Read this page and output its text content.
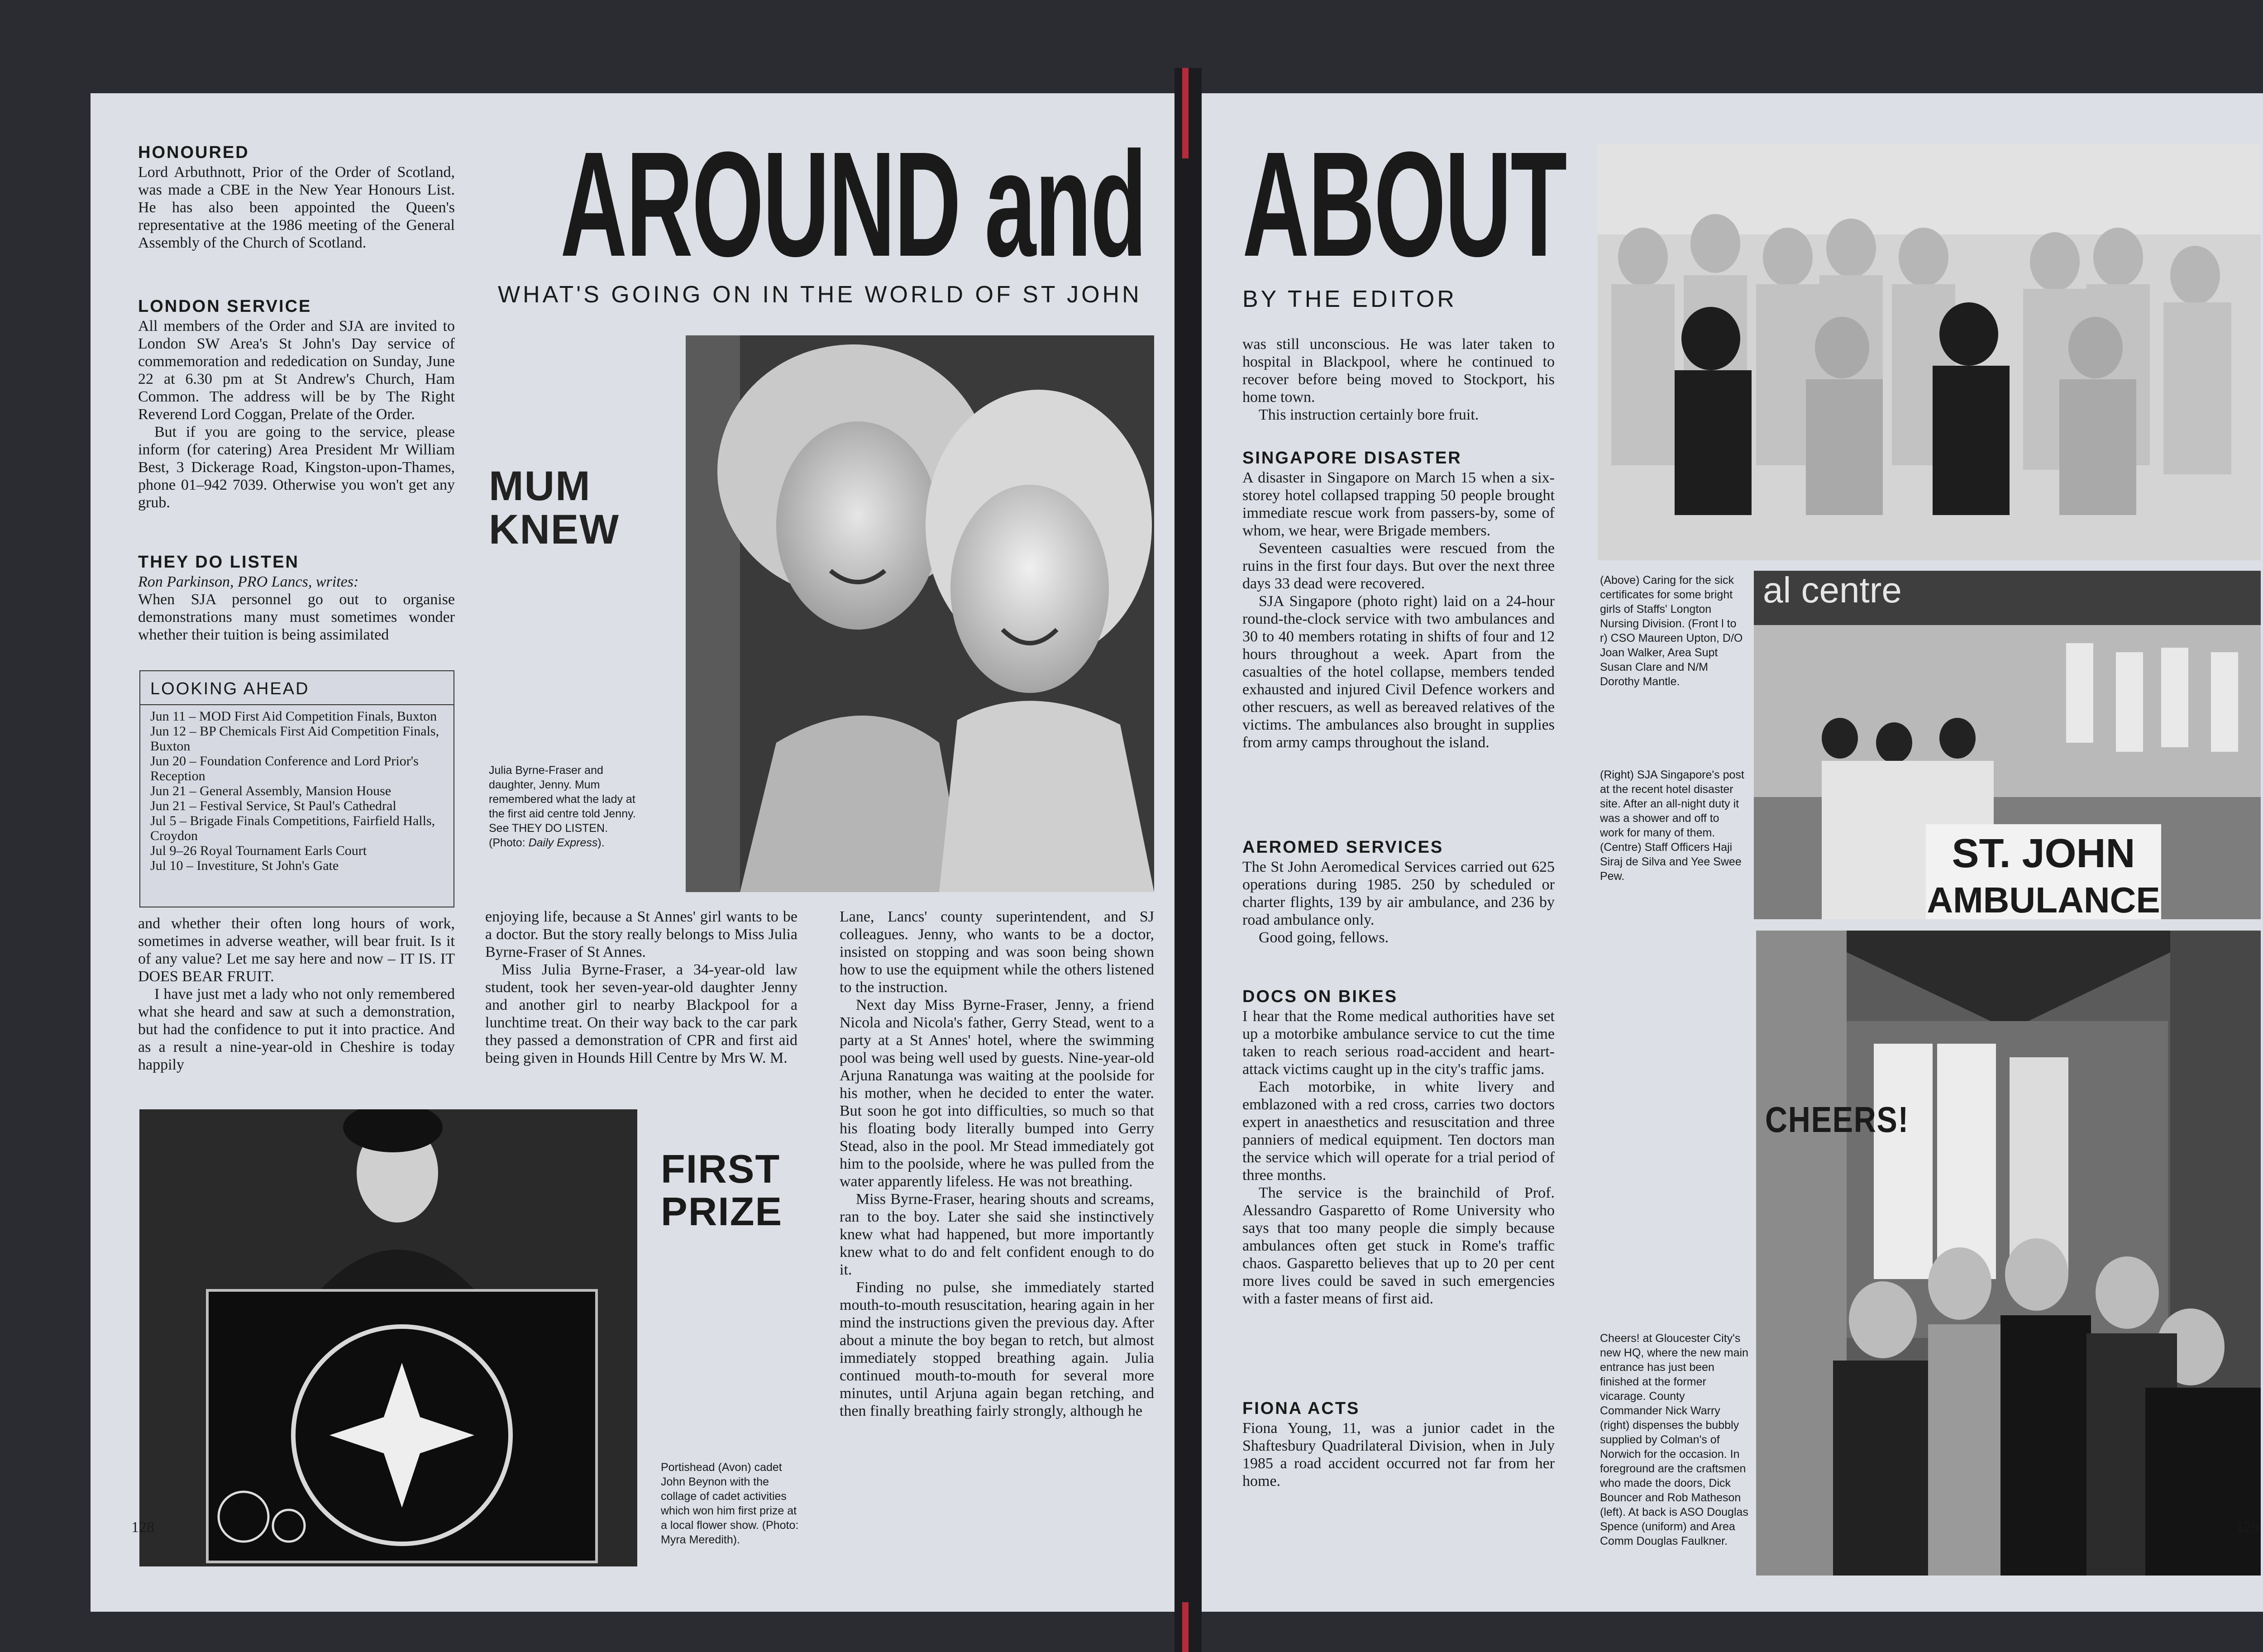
HONOURED

Lord Arbuthnott, Prior of the Order of Scotland, was made a CBE in the New Year Honours List. He has also been appointed the Queen's representative at the 1986 meeting of the General Assembly of the Church of Scotland.

LONDON SERVICE

All members of the Order and SJA are invited to London SW Area's St John's Day service of commemoration and rededication on Sunday, June 22 at 6.30 pm at St Andrew's Church, Ham Common. The address will be by The Right Reverend Lord Coggan, Prelate of the Order.

But if you are going to the service, please inform (for catering) Area President Mr William Best, 3 Dickerage Road, Kingston-upon-Thames, phone 01–942 7039. Otherwise you won't get any grub.

THEY DO LISTEN

Ron Parkinson, PRO Lancs, writes:

When SJA personnel go out to organise demonstrations many must sometimes wonder whether their tuition is being assimilated

LOOKING AHEAD
Jun 11 – MOD First Aid Competition Finals, Buxton
Jun 12 – BP Chemicals First Aid Competition Finals, Buxton
Jun 20 – Foundation Conference and Lord Prior's Reception
Jun 21 – General Assembly, Mansion House
Jun 21 – Festival Service, St Paul's Cathedral
Jul 5 – Brigade Finals Competitions, Fairfield Halls, Croydon
Jul 9–26 Royal Tournament Earls Court
Jul 10 – Investiture, St John's Gate

and whether their often long hours of work, sometimes in adverse weather, will bear fruit. Is it of any value? Let me say here and now – IT IS. IT DOES BEAR FRUIT.

I have just met a lady who not only remembered what she heard and saw at such a demonstration, but had the confidence to put it into practice. And as a result a nine-year-old in Cheshire is today happily

AROUND and
WHAT'S GOING ON IN THE WORLD OF ST JOHN
MUM KNEW
Julia Byrne-Fraser and daughter, Jenny. Mum remembered what the lady at the first aid centre told Jenny. See THEY DO LISTEN. (Photo: Daily Express).

enjoying life, because a St Annes' girl wants to be a doctor. But the story really belongs to Miss Julia Byrne-Fraser of St Annes.

Miss Julia Byrne-Fraser, a 34-year-old law student, took her seven-year-old daughter Jenny and another girl to nearby Blackpool for a lunchtime treat. On their way back to the car park they passed a demonstration of CPR and first aid being given in Hounds Hill Centre by Mrs W. M.

Lane, Lancs' county superintendent, and SJ colleagues. Jenny, who wants to be a doctor, insisted on stopping and was soon being shown how to use the equipment while the others listened to the instruction.

Next day Miss Byrne-Fraser, Jenny, a friend Nicola and Nicola's father, Gerry Stead, went to a party at a St Annes' hotel, where the swimming pool was being well used by guests. Nine-year-old Arjuna Ranatunga was waiting at the poolside for his mother, when he decided to enter the water. But soon he got into difficulties, so much so that his floating body literally bumped into Gerry Stead, also in the pool. Mr Stead immediately got him to the poolside, where he was pulled from the water apparently lifeless. He was not breathing.

Miss Byrne-Fraser, hearing shouts and screams, ran to the boy. Later she said she instinctively knew what had happened, but more importantly knew what to do and felt confident enough to do it.

Finding no pulse, she immediately started mouth-to-mouth resuscitation, hearing again in her mind the instructions given the previous day. After about a minute the boy began to retch, but almost immediately stopped breathing again. Julia continued mouth-to-mouth for several more minutes, until Arjuna again began retching, and then finally breathing fairly strongly, although he

FIRST PRIZE
Portishead (Avon) cadet John Beynon with the collage of cadet activities which won him first prize at a local flower show. (Photo: Myra Meredith).
128
ABOUT
BY THE EDITOR

was still unconscious. He was later taken to hospital in Blackpool, where he continued to recover before being moved to Stockport, his home town.

This instruction certainly bore fruit.

SINGAPORE DISASTER

A disaster in Singapore on March 15 when a six-storey hotel collapsed trapping 50 people brought immediate rescue work from passers-by, some of whom, we hear, were Brigade members.

Seventeen casualties were rescued from the ruins in the first four days. But over the next three days 33 dead were recovered.

SJA Singapore (photo right) laid on a 24-hour round-the-clock service with two ambulances and 30 to 40 members rotating in shifts of four and 12 hours throughout a week. Apart from the casualties of the hotel collapse, members tended exhausted and injured Civil Defence workers and other rescuers, as well as bereaved relatives of the victims. The ambulances also brought in supplies from army camps throughout the island.

AEROMED SERVICES

The St John Aeromedical Services carried out 625 operations during 1985. 250 by scheduled or charter flights, 139 by air ambulance, and 236 by road ambulance only.

Good going, fellows.

DOCS ON BIKES

I hear that the Rome medical authorities have set up a motorbike ambulance service to cut the time taken to reach serious road-accident and heart-attack victims caught up in the city's traffic jams.

Each motorbike, in white livery and emblazoned with a red cross, carries two doctors expert in anaesthetics and resuscitation and three panniers of medical equipment. Ten doctors man the service which will operate for a trial period of three months.

The service is the brainchild of Prof. Alessandro Gasparetto of Rome University who says that too many people die simply because ambulances often get stuck in Rome's traffic chaos. Gasparetto believes that up to 20 per cent more lives could be saved in such emergencies with a faster means of first aid.

FIONA ACTS

Fiona Young, 11, was a junior cadet in the Shaftesbury Quadrilateral Division, when in July 1985 a road accident occurred not far from her home.

al centre
ST. JOHN
AMBULANCE
(Above) Caring for the sick certificates for some bright girls of Staffs' Longton Nursing Division. (Front l to r) CSO Maureen Upton, D/O Joan Walker, Area Supt Susan Clare and N/M Dorothy Mantle.
(Right) SJA Singapore's post at the recent hotel disaster site. After an all-night duty it was a shower and off to work for many of them. (Centre) Staff Officers Haji Siraj de Silva and Yee Swee Pew.
CHEERS!
Cheers! at Gloucester City's new HQ, where the new main entrance has just been finished at the former vicarage. County Commander Nick Warry (right) dispenses the bubbly supplied by Colman's of Norwich for the occasion. In foreground are the craftsmen who made the doors, Dick Bouncer and Rob Matheson (left). At back is ASO Douglas Spence (uniform) and Area Comm Douglas Faulkner.
129
